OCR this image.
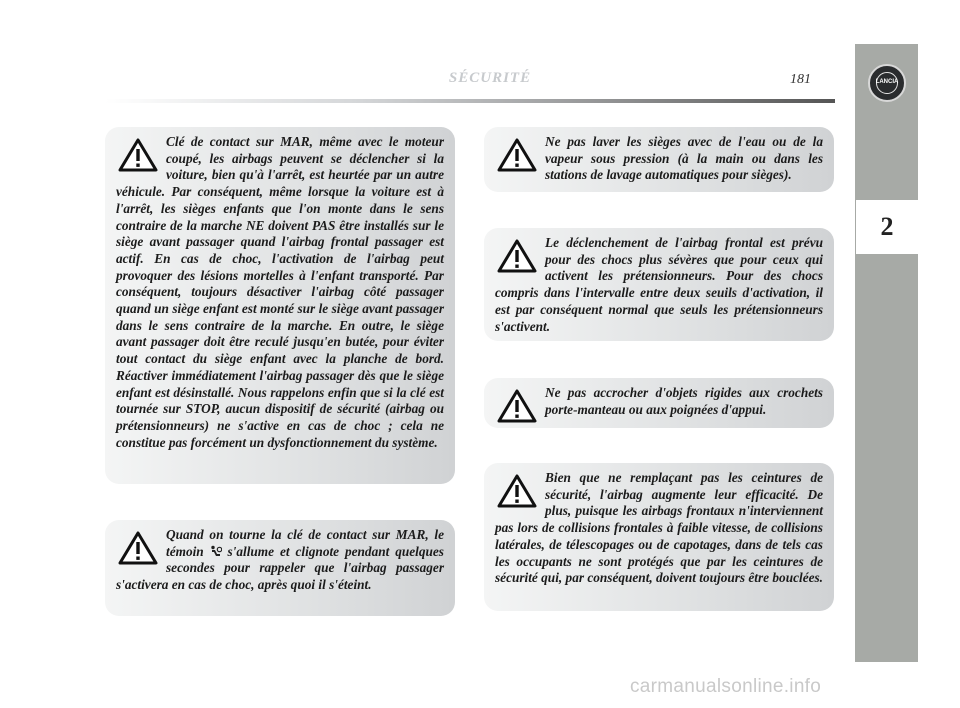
SÉCURITÉ	181	LANCIA
2
Clé de contact sur MAR, même avec le moteur coupé, les airbags peuvent se déclencher si la voiture, bien qu'à l'arrêt, est heurtée par un autre véhicule. Par conséquent, même lorsque la voiture est à l'arrêt, les sièges enfants que l'on monte dans le sens contraire de la marche NE doivent PAS être installés sur le siège avant passager quand l'airbag frontal passager est actif. En cas de choc, l'activation de l'airbag peut provoquer des lésions mortelles à l'enfant transporté. Par conséquent, toujours désactiver l'airbag côté passager quand un siège enfant est monté sur le siège avant passager dans le sens contraire de la marche. En outre, le siège avant passager doit être reculé jusqu'en butée, pour éviter tout contact du siège enfant avec la planche de bord. Réactiver immédiatement l'airbag passager dès que le siège enfant est désinstallé. Nous rappelons enfin que si la clé est tournée sur STOP, aucun dispositif de sécurité (airbag ou prétensionneurs) ne s'active en cas de choc ; cela ne constitue pas forcément un dysfonctionnement du système.
Quand on tourne la clé de contact sur MAR, le témoin  s'allume et clignote pendant quelques secondes pour rappeler que l'airbag passager s'activera en cas de choc, après quoi il s'éteint.
Ne pas laver les sièges avec de l'eau ou de la vapeur sous pression (à la main ou dans les stations de lavage automatiques pour sièges).
Le déclenchement de l'airbag frontal est prévu pour des chocs plus sévères que pour ceux qui activent les prétensionneurs. Pour des chocs compris dans l'intervalle entre deux seuils d'activation, il est par conséquent normal que seuls les prétensionneurs s'activent.
Ne pas accrocher d'objets rigides aux crochets porte-manteau ou aux poignées d'appui.
Bien que ne remplaçant pas les ceintures de sécurité, l'airbag augmente leur efficacité. De plus, puisque les airbags frontaux n'interviennent pas lors de collisions frontales à faible vitesse, de collisions latérales, de télescopages ou de capotages, dans de tels cas les occupants ne sont protégés que par les ceintures de sécurité qui, par conséquent, doivent toujours être bouclées.
carmanualsonline.info
